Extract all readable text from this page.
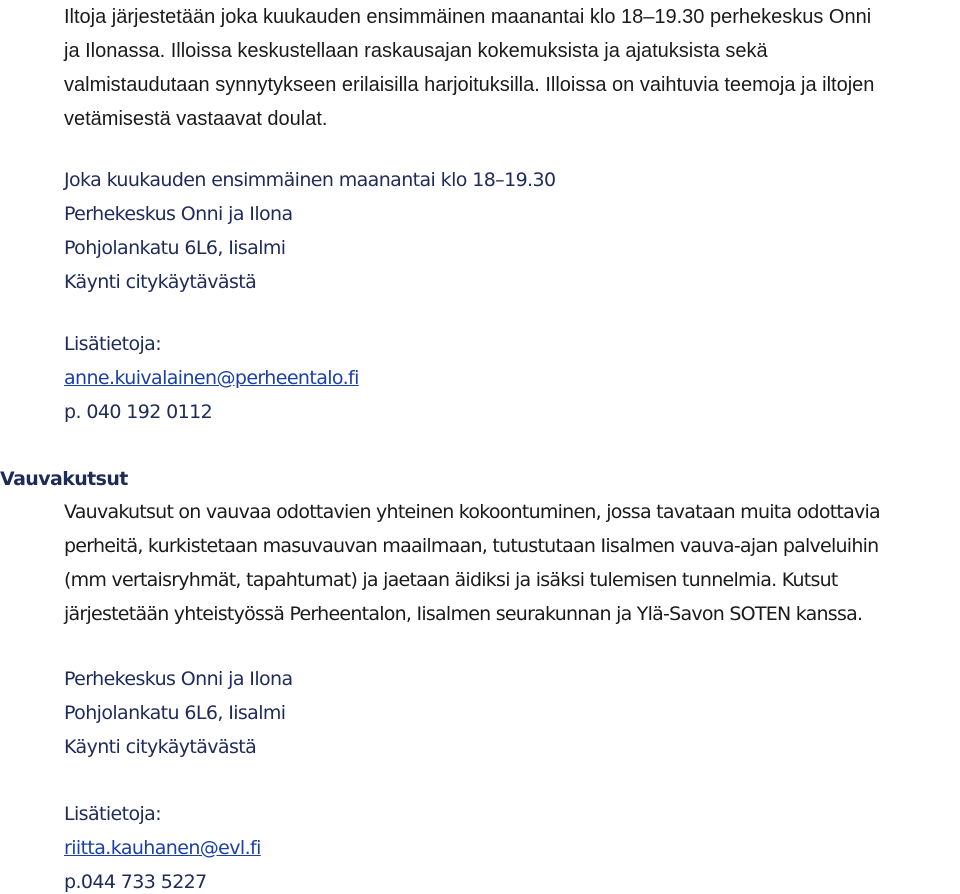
Iltoja järjestetään joka kuukauden ensimmäinen maanantai klo 18–19.30 perhekeskus Onni
ja Ilonassa. Illoissa keskustellaan raskausajan kokemuksista ja ajatuksista sekä
valmistaudutaan synnytykseen erilaisilla harjoituksilla. Illoissa on vaihtuvia teemoja ja iltojen
vetämisestä vastaavat doulat.
Joka kuukauden ensimmäinen maanantai klo 18–19.30
Perhekeskus Onni ja Ilona
Pohjolankatu 6L6, Iisalmi
Käynti citykäytävästä
Lisätietoja:
anne.kuivalainen@perheentalo.fi
p. 040 192 0112
Vauvakutsut
Vauvakutsut on vauvaa odottavien yhteinen kokoontuminen, jossa tavataan muita odottavia
perheitä, kurkistetaan masuvauvan maailmaan, tutustutaan Iisalmen vauva-ajan palveluihin
(mm vertaisryhmät, tapahtumat) ja jaetaan äidiksi ja isäksi tulemisen tunnelmia. Kutsut
järjestetään yhteistyössä Perheentalon, Iisalmen seurakunnan ja Ylä-Savon SOTEN kanssa.
Perhekeskus Onni ja Ilona
Pohjolankatu 6L6, Iisalmi
Käynti citykäytävästä
Lisätietoja:
riitta.kauhanen@evl.fi
p.044 733 5227
